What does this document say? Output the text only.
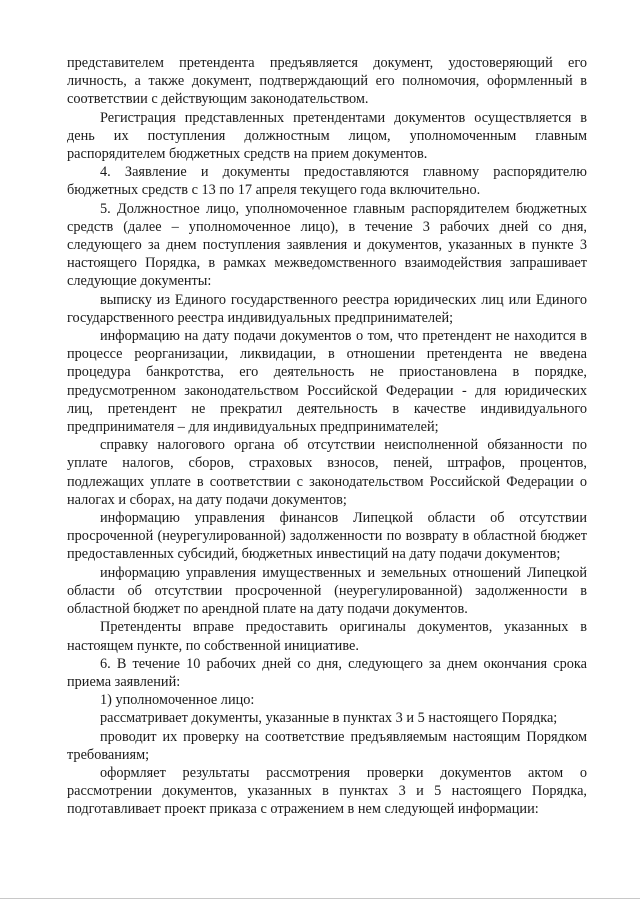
представителем претендента предъявляется документ, удостоверяющий его личность, а также документ, подтверждающий его полномочия, оформленный в соответствии с действующим законодательством.

Регистрация представленных претендентами документов осуществляется в день их поступления должностным лицом, уполномоченным главным распорядителем бюджетных средств на прием документов.

4. Заявление и документы предоставляются главному распорядителю бюджетных средств с 13 по 17 апреля текущего года включительно.

5. Должностное лицо, уполномоченное главным распорядителем бюджетных средств (далее – уполномоченное лицо), в течение 3 рабочих дней со дня, следующего за днем поступления заявления и документов, указанных в пункте 3 настоящего Порядка, в рамках межведомственного взаимодействия запрашивает следующие документы:

выписку из Единого государственного реестра юридических лиц или Единого государственного реестра индивидуальных предпринимателей;

информацию на дату подачи документов о том, что претендент не находится в процессе реорганизации, ликвидации, в отношении претендента не введена процедура банкротства, его деятельность не приостановлена в порядке, предусмотренном законодательством Российской Федерации - для юридических лиц, претендент не прекратил деятельность в качестве индивидуального предпринимателя – для индивидуальных предпринимателей;

справку налогового органа об отсутствии неисполненной обязанности по уплате налогов, сборов, страховых взносов, пеней, штрафов, процентов, подлежащих уплате в соответствии с законодательством Российской Федерации о налогах и сборах, на дату подачи документов;

информацию управления финансов Липецкой области об отсутствии просроченной (неурегулированной) задолженности по возврату в областной бюджет предоставленных субсидий, бюджетных инвестиций на дату подачи документов;

информацию управления имущественных и земельных отношений Липецкой области об отсутствии просроченной (неурегулированной) задолженности в областной бюджет по арендной плате на дату подачи документов.

Претенденты вправе предоставить оригиналы документов, указанных в настоящем пункте, по собственной инициативе.

6. В течение 10 рабочих дней со дня, следующего за днем окончания срока приема заявлений:

1) уполномоченное лицо:

рассматривает документы, указанные в пунктах 3 и 5 настоящего Порядка;

проводит их проверку на соответствие предъявляемым настоящим Порядком требованиям;

оформляет результаты рассмотрения проверки документов актом о рассмотрении документов, указанных в пунктах 3 и 5 настоящего Порядка, подготавливает проект приказа с отражением в нем следующей информации:
